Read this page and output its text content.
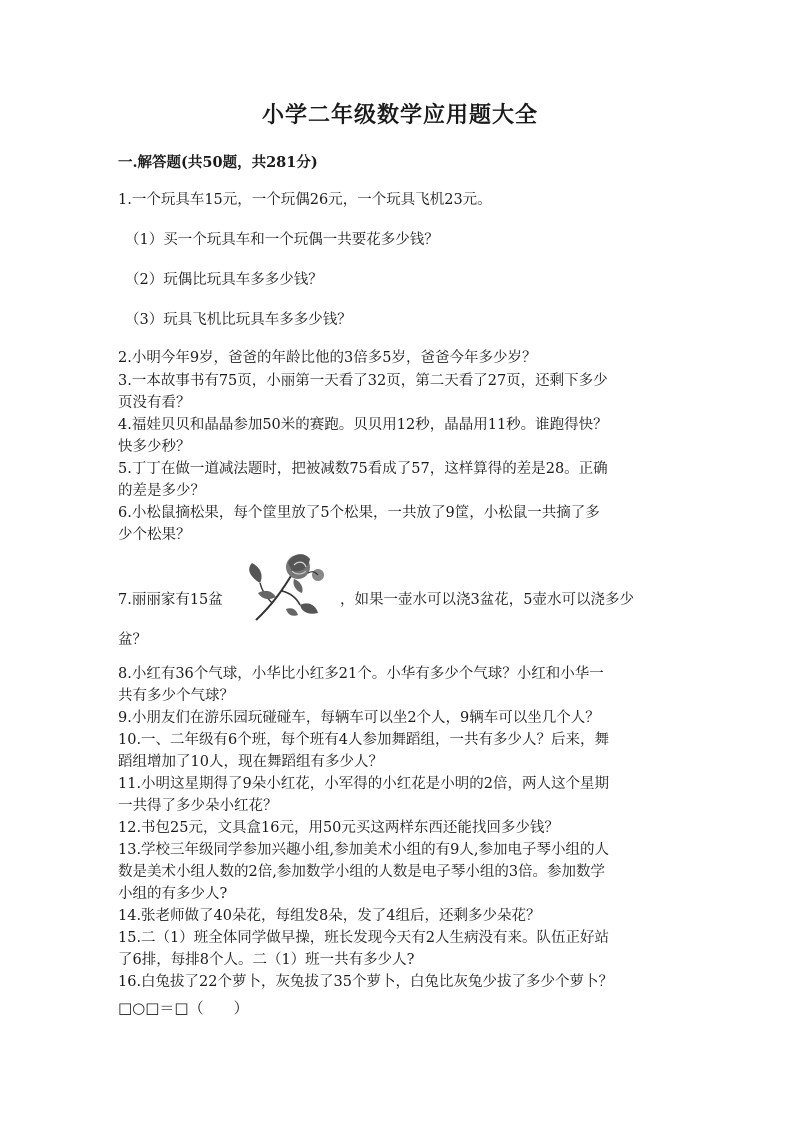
小学二年级数学应用题大全
一.解答题(共50题，共281分)
1.一个玩具车15元，一个玩偶26元，一个玩具飞机23元。
（1）买一个玩具车和一个玩偶一共要花多少钱？
（2）玩偶比玩具车多多少钱？
（3）玩具飞机比玩具车多多少钱？
2.小明今年9岁，爸爸的年龄比他的3倍多5岁，爸爸今年多少岁？
3.一本故事书有75页，小丽第一天看了32页，第二天看了27页，还剩下多少
页没有看？
4.福娃贝贝和晶晶参加50米的赛跑。贝贝用12秒，晶晶用11秒。谁跑得快？
快多少秒？
5.丁丁在做一道减法题时，把被减数75看成了57，这样算得的差是28。正确
的差是多少？
6.小松鼠摘松果，每个筐里放了5个松果，一共放了9筐，小松鼠一共摘了多
少个松果？
7.丽丽家有15盆	，如果一壶水可以浇3盆花，5壶水可以浇多少
盆？
8.小红有36个气球，小华比小红多21个。小华有多少个气球？小红和小华一
共有多少个气球？
9.小朋友们在游乐园玩碰碰车，每辆车可以坐2个人，9辆车可以坐几个人？
10.一、二年级有6个班，每个班有4人参加舞蹈组，一共有多少人？后来，舞
蹈组增加了10人，现在舞蹈组有多少人？
11.小明这星期得了9朵小红花，小军得的小红花是小明的2倍，两人这个星期
一共得了多少朵小红花？
12.书包25元，文具盒16元，用50元买这两样东西还能找回多少钱？
13.学校三年级同学参加兴趣小组,参加美术小组的有9人,参加电子琴小组的人
数是美术小组人数的2倍,参加数学小组的人数是电子琴小组的3倍。参加数学
小组的有多少人?
14.张老师做了40朵花，每组发8朵，发了4组后，还剩多少朵花？
15.二（1）班全体同学做早操，班长发现今天有2人生病没有来。队伍正好站
了6排，每排8个人。二（1）班一共有多少人?
16.白兔拔了22个萝卜，灰兔拔了35个萝卜，白兔比灰兔少拔了多少个萝卜？
□○□＝□（　　）
